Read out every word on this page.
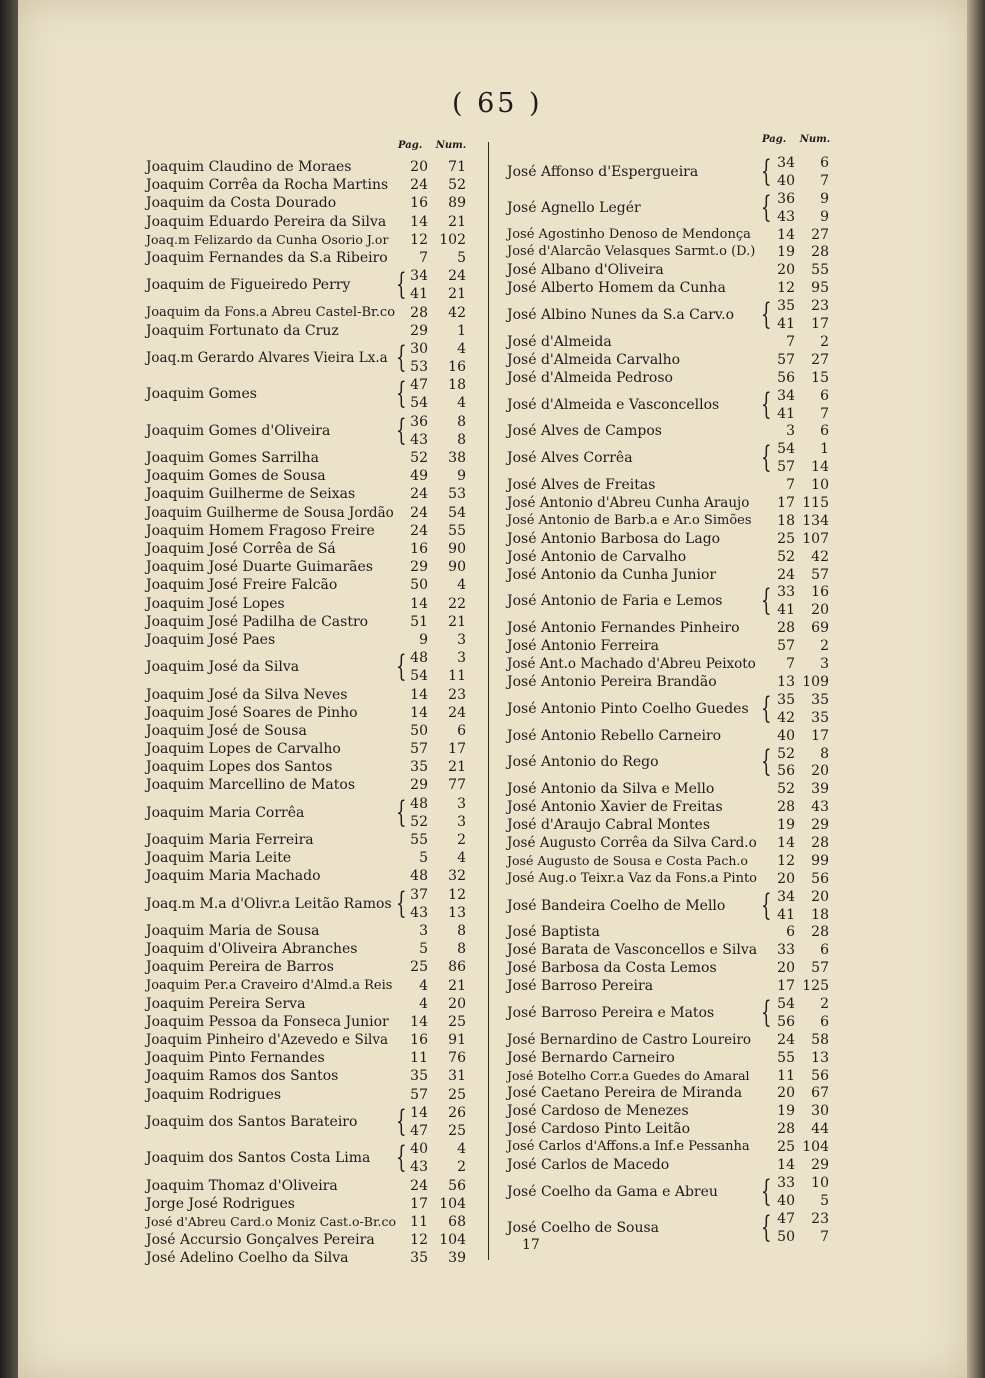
( 65 )
Pag. Num.
Pag. Num.
Joaquim Claudino de Moraes	20	71
Joaquim Corrêa da Rocha Martins	24	52
Joaquim da Costa Dourado	16	89
Joaquim Eduardo Pereira da Silva	14	21
Joaq.m Felizardo da Cunha Osorio J.or	12 102
Joaquim Fernandes da S.a Ribeiro	7	5
Joaquim de Figueiredo Perry { 34	24
41	21
Joaquim da Fons.a Abreu Castel-Br.co	28	42
Joaquim Fortunato da Cruz	29	1
Joaq.m Gerardo Alvares Vieira Lx.a { 30	4
53	16
Joaquim Gomes	{ 47	18
54	4
Joaquim Gomes d'Oliveira { 36	8
43	8
Joaquim Gomes Sarrilha	52	38
Joaquim Gomes de Sousa	49	9
Joaquim Guilherme de Seixas	24	53
Joaquim Guilherme de Sousa Jordão	24	54
Joaquim Homem Fragoso Freire	24	55
Joaquim José Corrêa de Sá	16	90
Joaquim José Duarte Guimarães	29	90
Joaquim José Freire Falcão	50	4
Joaquim José Lopes	14	22
Joaquim José Padilha de Castro	51	21
Joaquim José Paes	9	3
Joaquim José da Silva	{ 48	3
54	11
Joaquim José da Silva Neves	14	23
Joaquim José Soares de Pinho	14	24
Joaquim José de Sousa	50	6
Joaquim Lopes de Carvalho	57	17
Joaquim Lopes dos Santos	35	21
Joaquim Marcellino de Matos	29	77
Joaquim Maria Corrêa	{ 48	3
52	3
Joaquim Maria Ferreira	55	2
Joaquim Maria Leite	5	4
Joaquim Maria Machado	48	32
Joaq.m M.a d'Olivr.a Leitão Ramos { 37	12
43	13
Joaquim Maria de Sousa	3	8
Joaquim d'Oliveira Abranches	5	8
Joaquim Pereira de Barros	25	86
Joaquim Per.a Craveiro d'Almd.a Reis	4	21
Joaquim Pereira Serva	4	20
Joaquim Pessoa da Fonseca Junior	14	25
Joaquim Pinheiro d'Azevedo e Silva	16	91
Joaquim Pinto Fernandes	11	76
Joaquim Ramos dos Santos	35	31
Joaquim Rodrigues	57	25
Joaquim dos Santos Barateiro { 14	26
47	25
Joaquim dos Santos Costa Lima { 40	4
43	2
Joaquim Thomaz d'Oliveira	24	56
Jorge José Rodrigues	17 104
José d'Abreu Card.o Moniz Cast.o-Br.co	11	68
José Accursio Gonçalves Pereira	12 104
José Adelino Coelho da Silva	35	39
José Affonso d'Espergueira { 34	6
40	7
José Agnello Legér	{ 36	9
43	9
José Agostinho Denoso de Mendonça	14	27
José d'Alarcão Velasques Sarmt.o (D.)	19	28
José Albano d'Oliveira	20	55
José Alberto Homem da Cunha	12	95
José Albino Nunes da S.a Carv.o { 35	23
41	17
José d'Almeida	7	2
José d'Almeida Carvalho	57	27
José d'Almeida Pedroso	56	15
José d'Almeida e Vasconcellos { 34	6
41	7
José Alves de Campos	3	6
José Alves Corrêa	{ 54	1
57	14
José Alves de Freitas	7	10
José Antonio d'Abreu Cunha Araujo	17 115
José Antonio de Barb.a e Ar.o Simões	18 134
José Antonio Barbosa do Lago	25 107
José Antonio de Carvalho	52	42
José Antonio da Cunha Junior	24	57
José Antonio de Faria e Lemos { 33	16
41	20
José Antonio Fernandes Pinheiro	28	69
José Antonio Ferreira	57	2
José Ant.o Machado d'Abreu Peixoto	7	3
José Antonio Pereira Brandão	13 109
José Antonio Pinto Coelho Guedes { 35	35
42	35
José Antonio Rebello Carneiro	40	17
José Antonio do Rego	{ 52	8
56	20
José Antonio da Silva e Mello	52	39
José Antonio Xavier de Freitas	28	43
José d'Araujo Cabral Montes	19	29
José Augusto Corrêa da Silva Card.o	14	28
José Augusto de Sousa e Costa Pach.o	12	99
José Aug.o Teixr.a Vaz da Fons.a Pinto	20	56
José Bandeira Coelho de Mello { 34	20
41	18
José Baptista	6	28
José Barata de Vasconcellos e Silva	33	6
José Barbosa da Costa Lemos	20	57
José Barroso Pereira	17 125
José Barroso Pereira e Matos { 54	2
56	6
José Bernardino de Castro Loureiro	24	58
José Bernardo Carneiro	55	13
José Botelho Corr.a Guedes do Amaral	11	56
José Caetano Pereira de Miranda	20	67
José Cardoso de Menezes	19	30
José Cardoso Pinto Leitão	28	44
José Carlos d'Affons.a Inf.e Pessanha	25 104
José Carlos de Macedo	14	29
José Coelho da Gama e Abreu { 33	10
40	5
José Coelho de Sousa	{ 47	23
50	7
17
